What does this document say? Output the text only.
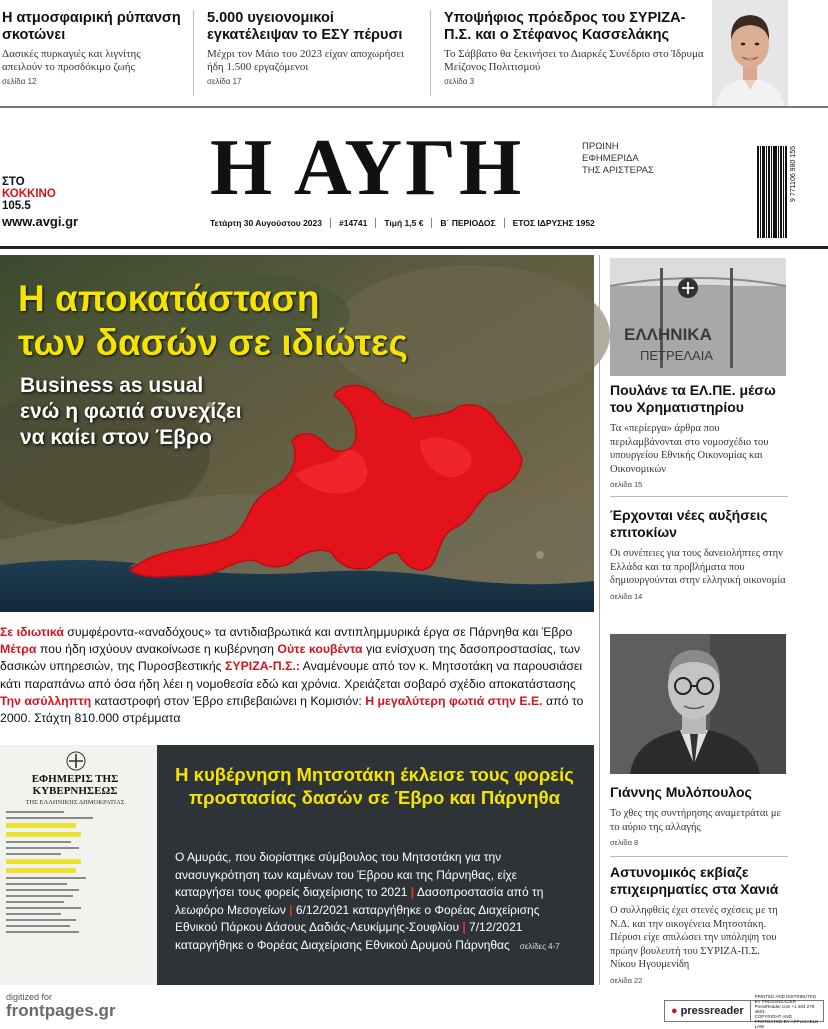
Η ατμοσφαιρική ρύπανση σκοτώνει

Δασικές πυρκαγιές και λιγνίτης απειλούν το προσδόκιμο ζωής

σελίδα 12
5.000 υγειονομικοί εγκατέλειψαν το ΕΣΥ πέρυσι

Μέχρι τον Μάιο του 2023 είχαν αποχωρήσει ήδη 1.500 εργαζόμενοι

σελίδα 17
Υποψήφιος πρόεδρος του ΣΥΡΙΖΑ-Π.Σ. και ο Στέφανος Κασσελάκης

Το Σάββατο θα ξεκινήσει το Διαρκές Συνέδριο στο Ίδρυμα Μείζονος Πολιτισμού

σελίδα 3
ΣΤΟ
ΚΟΚΚΙΝΟ
105.5
www.avgi.gr
Η ΑΥΓΗ	ΠΡΩΙΝΗ
ΕΦΗΜΕΡΙΔΑ
ΤΗΣ ΑΡΙΣΤΕΡΑΣ
Τετάρτη 30 Αυγούστου 2023	#14741	Τιμή 1,5 €	Β΄ ΠΕΡΙΟΔΟΣ	ΕΤΟΣ ΙΔΡΥΣΗΣ 1952
9 771106 980 155
Η αποκατάσταση
των δασών σε ιδιώτες
Business as usual
ενώ η φωτιά συνεχίζει
να καίει στον Έβρο
Σε ιδιωτικά συμφέροντα-«αναδόχους» τα αντιδιαβρωτικά και αντιπλημμυρικά έργα σε Πάρνηθα και Έβρο Μέτρα που ήδη ισχύουν ανακοίνωσε η κυβέρνηση Ούτε κουβέντα για ενίσχυση της δασοπροστασίας, των δασικών υπηρεσιών, της Πυροσβεστικής ΣΥΡΙΖΑ-Π.Σ.: Αναμένουμε από τον κ. Μητσοτάκη να παρουσιάσει κάτι παραπάνω από όσα ήδη λέει η νομοθεσία εδώ και χρόνια. Χρειάζεται σοβαρό σχέδιο αποκατάστασης Την ασύλληπτη καταστροφή στον Έβρο επιβεβαιώνει η Κομισιόν: Η μεγαλύτερη φωτιά στην Ε.Ε. από το 2000. Στάχτη 810.000 στρέμματα
ΕΦΗΜΕΡΙΣ ΤΗΣ ΚΥΒΕΡΝΗΣΕΩΣ
ΤΗΣ ΕΛΛΗΝΙΚΗΣ ΔΗΜΟΚΡΑΤΙΑΣ
Η κυβέρνηση Μητσοτάκη έκλεισε τους φορείς προστασίας δασών σε Έβρο και Πάρνηθα
Ο Αμυράς, που διορίστηκε σύμβουλος του Μητσοτάκη για την ανασυγκρότηση των καμένων του Έβρου και της Πάρνηθας, είχε καταργήσει τους φορείς διαχείρισης το 2021 | Δασοπροστασία από τη λεωφόρο Μεσογείων | 6/12/2021 καταργήθηκε ο Φορέας Διαχείρισης Εθνικού Πάρκου Δάσους Δαδιάς-Λευκίμμης-Σουφλίου | 7/12/2021 καταργήθηκε ο Φορέας Διαχείρισης Εθνικού Δρυμού Πάρνηθας σελίδες 4-7
ΕΛΛΗΝΙΚΑ
ΠΕΤΡΕΛΑΙΑ
Πουλάνε τα ΕΛ.ΠΕ. μέσω του Χρηματιστηρίου

Τα «περίεργα» άρθρα που περιλαμβάνονται στο νομοσχέδιο του υπουργείου Εθνικής Οικονομίας και Οικονομικών

σελίδα 15
Έρχονται νέες αυξήσεις επιτοκίων

Οι συνέπειες για τους δανειολήπτες στην Ελλάδα και τα προβλήματα που δημιουργούνται στην ελληνική οικονομία

σελίδα 14
Γιάννης Μυλόπουλος

Το χθες της συντήρησης αναμετράται με το αύριο της αλλαγής

σελίδα 8
Αστυνομικός εκβίαζε επιχειρηματίες στα Χανιά

Ο συλληφθείς έχει στενές σχέσεις με τη Ν.Δ. και την οικογένεια Μητσοτάκη. Πέρυσι είχε σπιλώσει την υπόληψη του πρώην βουλευτή του ΣΥΡΙΖΑ-Π.Σ. Νίκου Ηγουμενίδη

σελίδα 22
digitized for
frontpages.gr	● pressreader
PRINTED AND DISTRIBUTED BY PRESSREADER
PressReader.com +1 604 278 4604
COPYRIGHT AND PROTECTED BY APPLICABLE LAW
